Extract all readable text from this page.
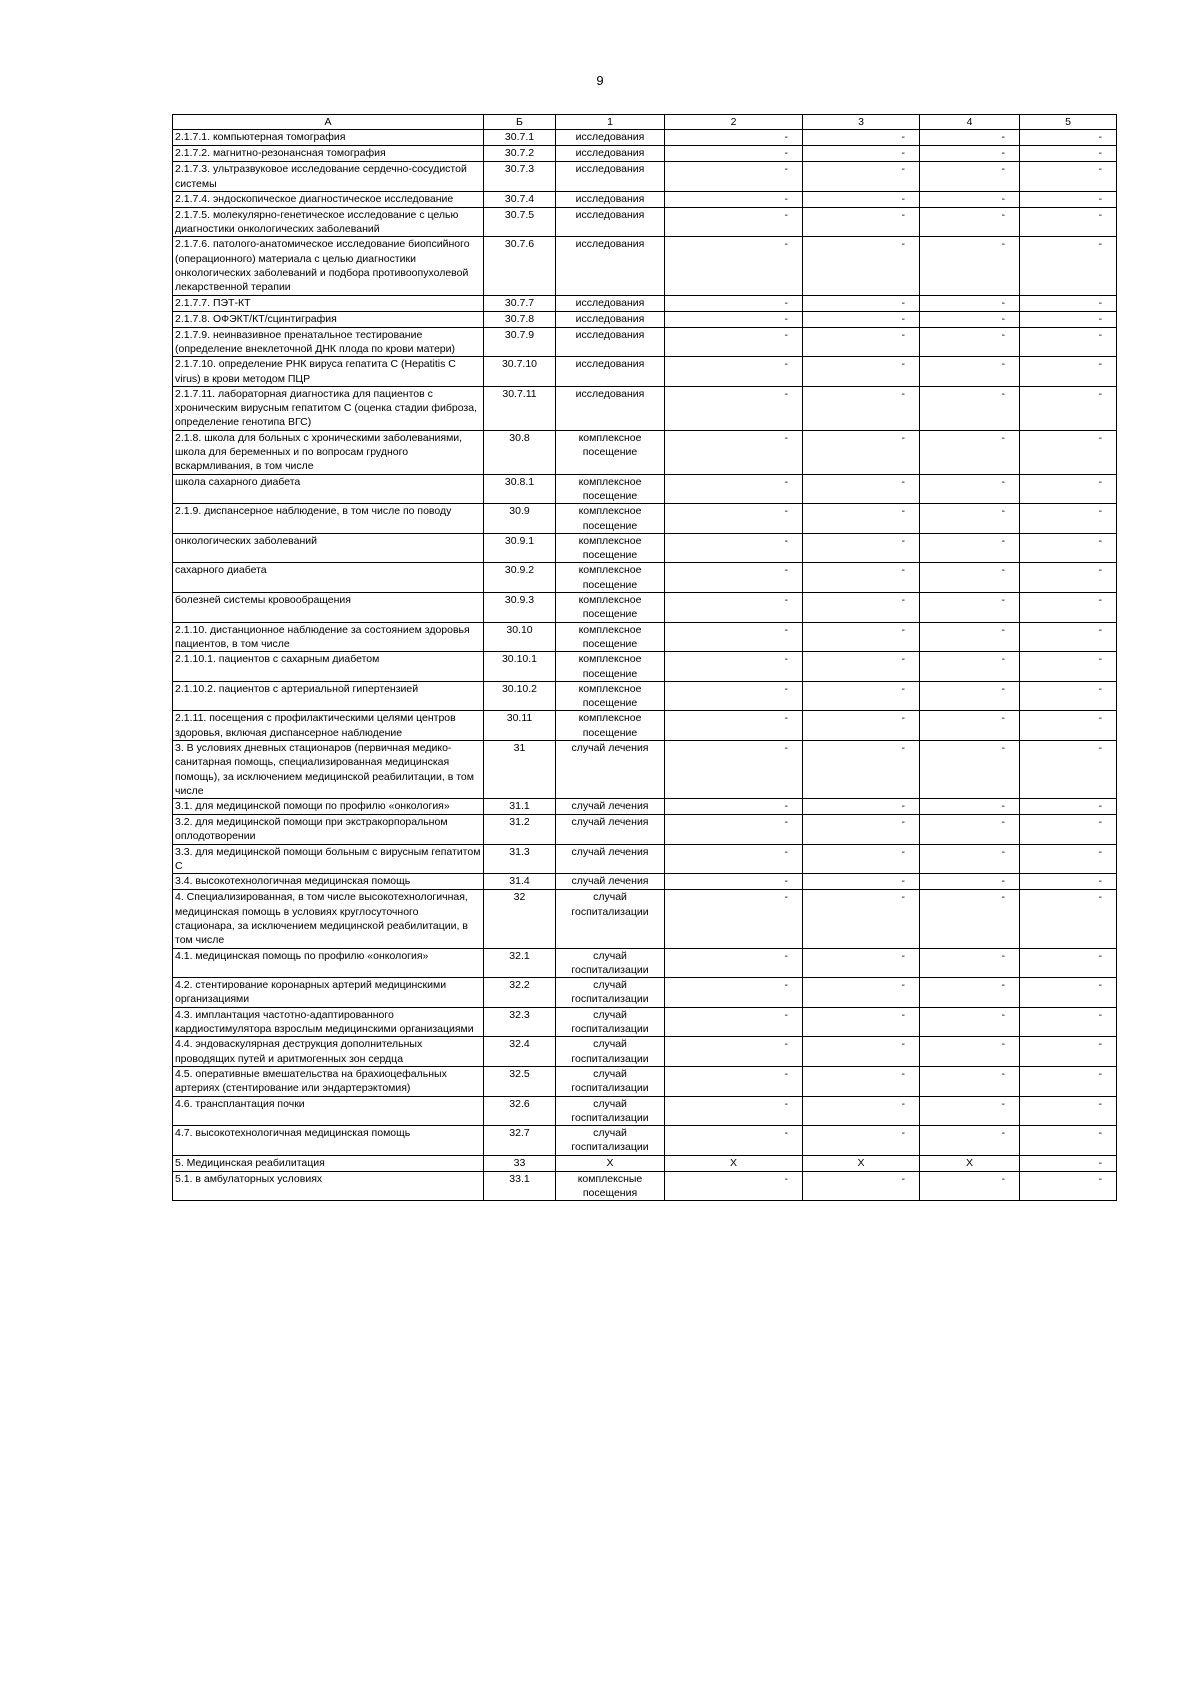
9
А	Б	1	2	3	4	5
2.1.7.1. компьютерная томография	30.7.1	исследования	-	-	-	-
2.1.7.2. магнитно-резонансная томография	30.7.2	исследования	-	-	-	-
2.1.7.3. ультразвуковое исследование сердечно-сосудистой системы	30.7.3	исследования	-	-	-	-
2.1.7.4. эндоскопическое диагностическое исследование	30.7.4	исследования	-	-	-	-
2.1.7.5. молекулярно-генетическое исследование с целью диагностики онкологических заболеваний	30.7.5	исследования	-	-	-	-
2.1.7.6. патолого-анатомическое исследование биопсийного (операционного) материала с целью диагностики онкологических заболеваний и подбора противоопухолевой лекарственной терапии	30.7.6	исследования	-	-	-	-
2.1.7.7. ПЭТ-КТ	30.7.7	исследования	-	-	-	-
2.1.7.8. ОФЭКТ/КТ/сцинтиграфия	30.7.8	исследования	-	-	-	-
2.1.7.9. неинвазивное пренатальное тестирование (определение внеклеточной ДНК плода по крови матери)	30.7.9	исследования	-	-	-	-
2.1.7.10. определение РНК вируса гепатита С (Hepatitis C virus) в крови методом ПЦР	30.7.10	исследования	-	-	-	-
2.1.7.11. лабораторная диагностика для пациентов с хроническим вирусным гепатитом С (оценка стадии фиброза, определение генотипа ВГС)	30.7.11	исследования	-	-	-	-
2.1.8. школа для больных с хроническими заболеваниями, школа для беременных и по вопросам грудного вскармливания, в том числе	30.8	комплексное посещение	-	-	-	-
школа сахарного диабета	30.8.1	комплексное посещение	-	-	-	-
2.1.9. диспансерное наблюдение, в том числе по поводу	30.9	комплексное посещение	-	-	-	-
онкологических заболеваний	30.9.1	комплексное посещение	-	-	-	-
сахарного диабета	30.9.2	комплексное посещение	-	-	-	-
болезней системы кровообращения	30.9.3	комплексное посещение	-	-	-	-
2.1.10. дистанционное наблюдение за состоянием здоровья пациентов, в том числе	30.10	комплексное посещение	-	-	-	-
2.1.10.1. пациентов с сахарным диабетом	30.10.1	комплексное посещение	-	-	-	-
2.1.10.2. пациентов с артериальной гипертензией	30.10.2	комплексное посещение	-	-	-	-
2.1.11. посещения с профилактическими целями центров здоровья, включая диспансерное наблюдение	30.11	комплексное посещение	-	-	-	-
3. В условиях дневных стационаров (первичная медико-санитарная помощь, специализированная медицинская помощь), за исключением медицинской реабилитации, в том числе	31	случай лечения	-	-	-	-
3.1. для медицинской помощи по профилю «онкология»	31.1	случай лечения	-	-	-	-
3.2. для медицинской помощи при экстракорпоральном оплодотворении	31.2	случай лечения	-	-	-	-
3.3. для медицинской помощи больным с вирусным гепатитом С	31.3	случай лечения	-	-	-	-
3.4. высокотехнологичная медицинская помощь	31.4	случай лечения	-	-	-	-
4. Специализированная, в том числе высокотехнологичная, медицинская помощь в условиях круглосуточного стационара, за исключением медицинской реабилитации, в том числе	32	случай госпитализации	-	-	-	-
4.1. медицинская помощь по профилю «онкология»	32.1	случай госпитализации	-	-	-	-
4.2. стентирование коронарных артерий медицинскими организациями	32.2	случай госпитализации	-	-	-	-
4.3. имплантация частотно-адаптированного кардиостимулятора взрослым медицинскими организациями	32.3	случай госпитализации	-	-	-	-
4.4. эндоваскулярная деструкция дополнительных проводящих путей и аритмогенных зон сердца	32.4	случай госпитализации	-	-	-	-
4.5. оперативные вмешательства на брахиоцефальных артериях (стентирование или эндартерэктомия)	32.5	случай госпитализации	-	-	-	-
4.6. трансплантация почки	32.6	случай госпитализации	-	-	-	-
4.7. высокотехнологичная медицинская помощь	32.7	случай госпитализации	-	-	-	-
5. Медицинская реабилитация	33	X	X	X	X	-
5.1. в амбулаторных условиях	33.1	комплексные посещения	-	-	-	-
